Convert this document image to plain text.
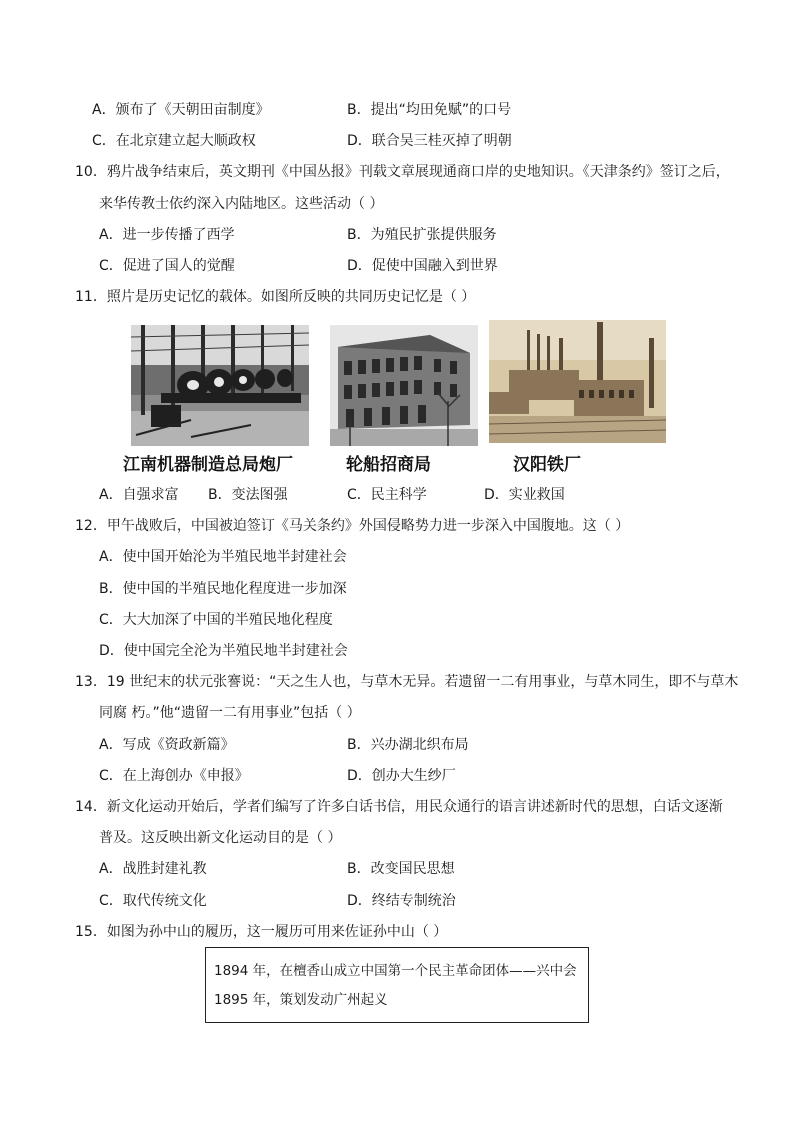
A．颁布了《天朝田亩制度》	B．提出“均田免赋”的口号
C．在北京建立起大顺政权	D．联合吴三桂灭掉了明朝
10．鸦片战争结束后，英文期刊《中国丛报》刊载文章展现通商口岸的史地知识。《天津条约》签订之后，
来华传教士依约深入内陆地区。这些活动（ ）
A．进一步传播了西学	B．为殖民扩张提供服务
C．促进了国人的觉醒	D．促使中国融入到世界
11．照片是历史记忆的载体。如图所反映的共同历史记忆是（ ）
江南机器制造总局炮厂	轮船招商局	汉阳铁厂
A．自强求富 B．变法图强	C．民主科学	D．实业救国
12．甲午战败后，中国被迫签订《马关条约》外国侵略势力进一步深入中国腹地。这（ ）
A．使中国开始沦为半殖民地半封建社会
B．使中国的半殖民地化程度进一步加深
C．大大加深了中国的半殖民地化程度
D．使中国完全沦为半殖民地半封建社会
13．19 世纪末的状元张謇说：“天之生人也，与草木无异。若遗留一二有用事业，与草木同生，即不与草木
同腐 朽。”他“遗留一二有用事业”包括（ ）
A．写成《资政新篇》	B．兴办湖北织布局
C．在上海创办《申报》	D．创办大生纱厂
14．新文化运动开始后，学者们编写了许多白话书信，用民众通行的语言讲述新时代的思想，白话文逐渐
普及。这反映出新文化运动目的是（ ）
A．战胜封建礼教	B．改变国民思想
C．取代传统文化	D．终结专制统治
15．如图为孙中山的履历，这一履历可用来佐证孙中山（ ）
1894 年，在檀香山成立中国第一个民主革命团体——兴中会
1895 年，策划发动广州起义
